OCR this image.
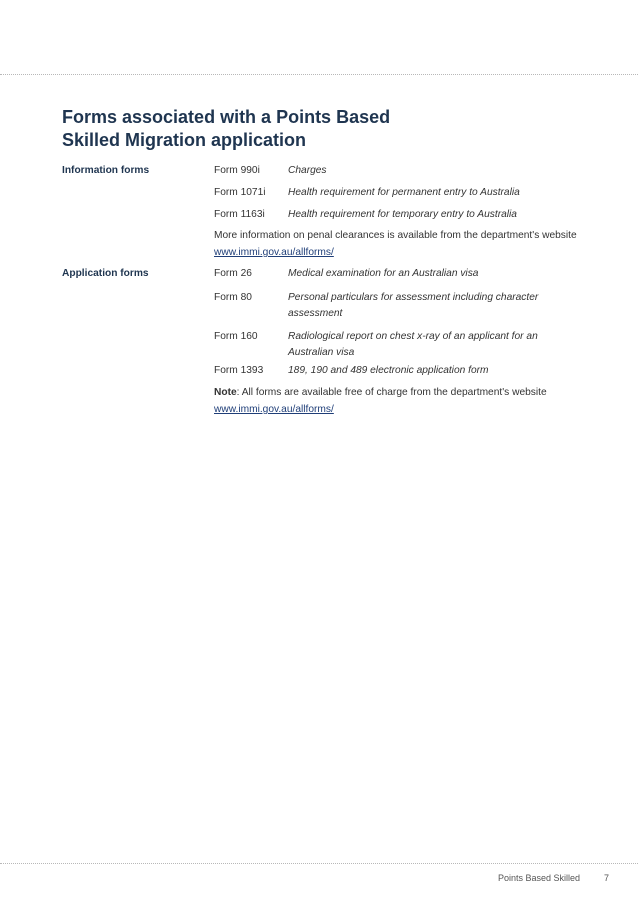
Forms associated with a Points Based
Skilled Migration application
Information forms	Form 990i	Charges
Form 1071i Health requirement for permanent entry to Australia
Form 1163i Health requirement for temporary entry to Australia
More information on penal clearances is available from the department's website www.immi.gov.au/allforms/
Application forms	Form 26	Medical examination for an Australian visa
Form 80	Personal particulars for assessment including character assessment
Form 160	Radiological report on chest x-ray of an applicant for an Australian visa
Form 1393 189, 190 and 489 electronic application form
Note: All forms are available free of charge from the department's website
www.immi.gov.au/allforms/
Points Based Skilled	7
